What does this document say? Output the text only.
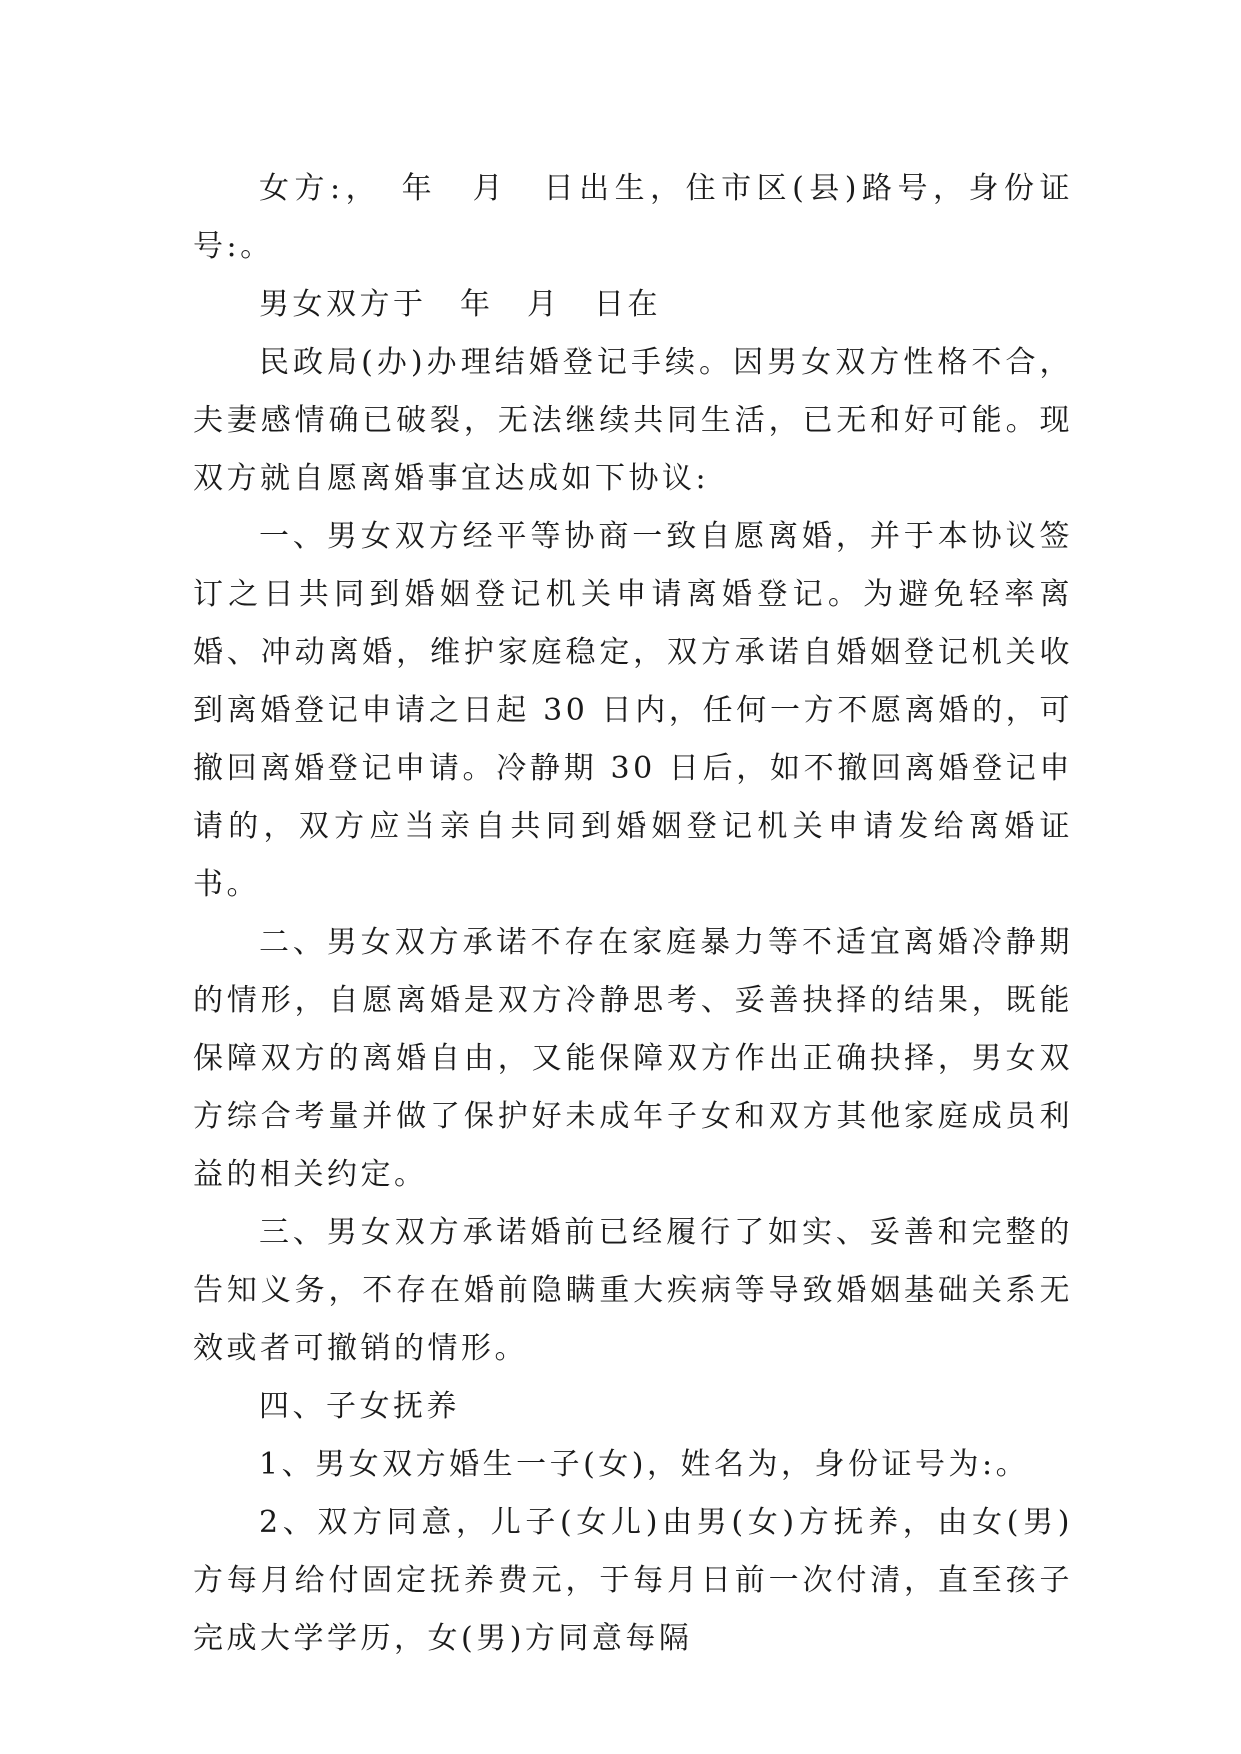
女方:，　年　月　日出生，住市区(县)路号，身份证号:。

男女双方于　年　月　日在

民政局(办)办理结婚登记手续。因男女双方性格不合，夫妻感情确已破裂，无法继续共同生活，已无和好可能。现双方就自愿离婚事宜达成如下协议:

一、男女双方经平等协商一致自愿离婚，并于本协议签订之日共同到婚姻登记机关申请离婚登记。为避免轻率离婚、冲动离婚，维护家庭稳定，双方承诺自婚姻登记机关收到离婚登记申请之日起 30 日内，任何一方不愿离婚的，可撤回离婚登记申请。冷静期 30 日后，如不撤回离婚登记申请的，双方应当亲自共同到婚姻登记机关申请发给离婚证书。

二、男女双方承诺不存在家庭暴力等不适宜离婚冷静期的情形，自愿离婚是双方冷静思考、妥善抉择的结果，既能保障双方的离婚自由，又能保障双方作出正确抉择，男女双方综合考量并做了保护好未成年子女和双方其他家庭成员利益的相关约定。

三、男女双方承诺婚前已经履行了如实、妥善和完整的告知义务，不存在婚前隐瞒重大疾病等导致婚姻基础关系无效或者可撤销的情形。

四、子女抚养

1、男女双方婚生一子(女)，姓名为，身份证号为:。

2、双方同意，儿子(女儿)由男(女)方抚养，由女(男)方每月给付固定抚养费元，于每月日前一次付清，直至孩子完成大学学历，女(男)方同意每隔
